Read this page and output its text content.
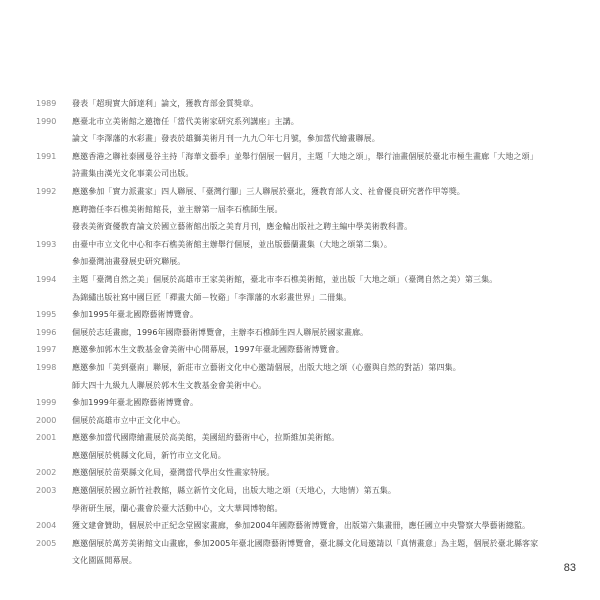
1989	發表「超現實大師達利」論文，獲教育部金質獎章。
1990	應臺北市立美術館之邀擔任「當代美術家研究系列講座」主講。
論文「李澤藩的水彩畫」發表於雄獅美術月刊一九九〇年七月號，參加當代繪畫聯展。
1991	應邀香港之聯社泰國曼谷主持「海華文藝季」並舉行個展一個月，主題「大地之頌」，舉行油畫個展於臺北市極生畫廊「大地之頌」
詩畫集由漢光文化事業公司出版。
1992	應邀參加「實力派畫家」四人聯展、「臺灣行腳」三人聯展於臺北，獲教育部人文、社會優良研究著作甲等獎。
應聘擔任李石樵美術館館長，並主辦第一屆李石樵師生展。
發表美術資優教育論文於國立藝術館出版之美育月刊，應金輪出版社之聘主編中學美術教科書。
1993	由臺中市立文化中心和李石樵美術館主辦舉行個展，並出版藝蘭畫集（大地之頌第二集）。
參加臺灣油畫發展史研究聯展。
1994	主題「臺灣自然之美」個展於高雄市王家美術館，臺北市李石樵美術館，並出版「大地之頌」（臺灣自然之美）第三集。
為錦繡出版社寫中國巨匠「禪畫大師－牧谿」「李澤藩的水彩畫世界」二冊集。
1995	參加1995年臺北國際藝術博覽會。
1996	個展於志廷畫廊，1996年國際藝術博覽會，主辦李石樵師生四人聯展於國家畫廊。
1997	應邀參加郭木生文教基金會美術中心開幕展，1997年臺北國際藝術博覽會。
1998	應邀參加「美到臺南」聯展，新莊市立藝術文化中心邀請個展，出版大地之頌（心靈與自然的對話）第四集。
師大四十九級九人聯展於郭木生文教基金會美術中心。
1999	參加1999年臺北國際藝術博覽會。
2000	個展於高雄市立中正文化中心。
2001	應邀參加當代國際繪畫展於高美館，美國紐約藝術中心，拉斯維加美術館。
應邀個展於桃縣文化局，新竹市立文化局。
2002	應邀個展於苗栗縣文化局，臺灣當代學出女性畫家特展。
2003	應邀個展於國立新竹社教館，縣立新竹文化局，出版大地之頌（天地心，大地情）第五集。
學術研生展，蘭心畫會於臺大活動中心，文大華岡博物館。
2004	獲文建會贊助，個展於中正紀念堂國家畫廊，參加2004年國際藝術博覽會，出版第六集畫冊，應任國立中央警察大學藝術總監。
2005	應邀個展於萬芳美術館文山畫廊，參加2005年臺北國際藝術博覽會，臺北縣文化局邀請以「真情畫意」為主題，個展於臺北縣客家
文化園區開幕展。
83
